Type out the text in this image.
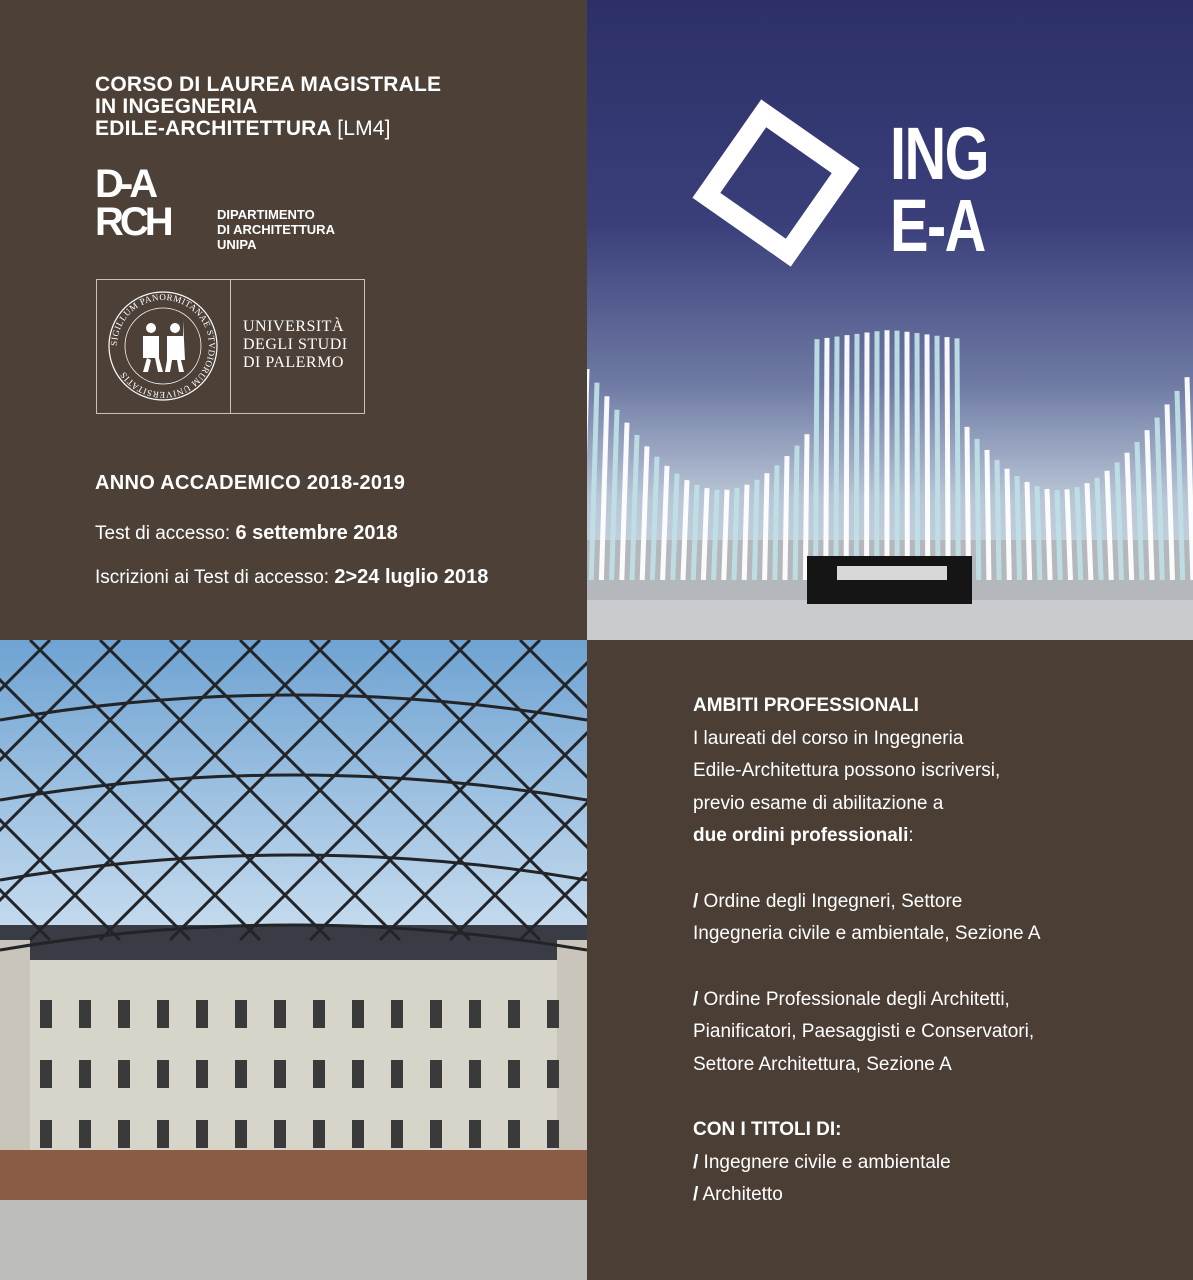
CORSO DI LAUREA MAGISTRALE
IN INGEGNERIA
EDILE-ARCHITETTURA [LM4]
D-A
RCH	DIPARTIMENTO
DI ARCHITETTURA
UNIPA
SIGILLUM PANORMITANAE STVDIORUM UNIVERSITATIS
UNIVERSITÀ
DEGLI STUDI
DI PALERMO
ANNO ACCADEMICO 2018-2019
Test di accesso: 6 settembre 2018
Iscrizioni ai Test di accesso: 2>24 luglio 2018
ING
E-A
AMBITI PROFESSIONALI
I laureati del corso in Ingegneria
Edile-Architettura possono iscriversi,
previo esame di abilitazione a
due ordini professionali:
/ Ordine degli Ingegneri, Settore
Ingegneria civile e ambientale, Sezione A
/ Ordine Professionale degli Architetti,
Pianificatori, Paesaggisti e Conservatori,
Settore Architettura, Sezione A
CON I TITOLI DI:
/ Ingegnere civile e ambientale
/ Architetto
